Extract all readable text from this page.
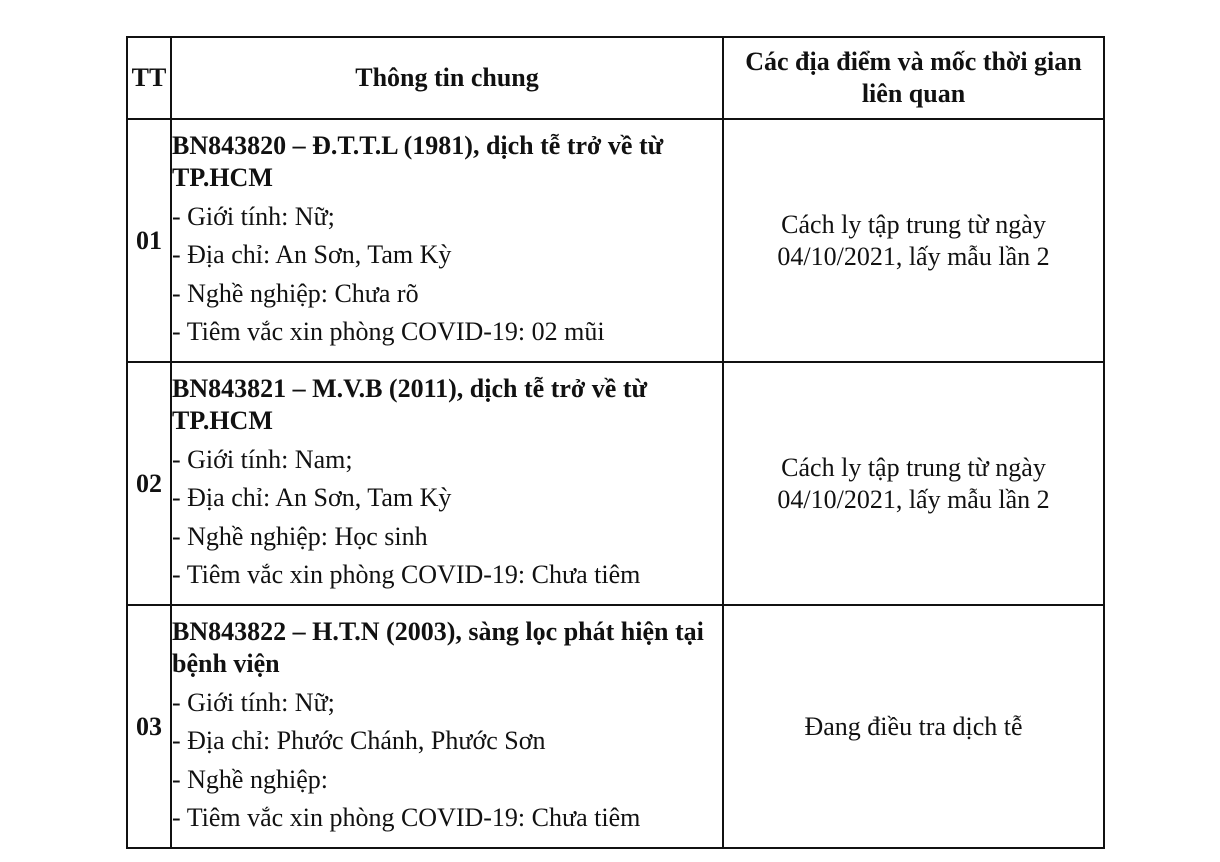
TT	Thông tin chung	Các địa điểm và mốc thời gian liên quan
01	BN843820 – Đ.T.T.L (1981), dịch tễ trở về từ TP.HCM
- Giới tính: Nữ;
- Địa chỉ: An Sơn, Tam Kỳ
- Nghề nghiệp: Chưa rõ
- Tiêm vắc xin phòng COVID-19: 02 mũi	Cách ly tập trung từ ngày 04/10/2021, lấy mẫu lần 2
02	BN843821 – M.V.B (2011), dịch tễ trở về từ TP.HCM
- Giới tính: Nam;
- Địa chỉ: An Sơn, Tam Kỳ
- Nghề nghiệp: Học sinh
- Tiêm vắc xin phòng COVID-19: Chưa tiêm	Cách ly tập trung từ ngày 04/10/2021, lấy mẫu lần 2
03	BN843822 – H.T.N (2003), sàng lọc phát hiện tại bệnh viện
- Giới tính: Nữ;
- Địa chỉ: Phước Chánh, Phước Sơn
- Nghề nghiệp:
- Tiêm vắc xin phòng COVID-19: Chưa tiêm	Đang điều tra dịch tễ
